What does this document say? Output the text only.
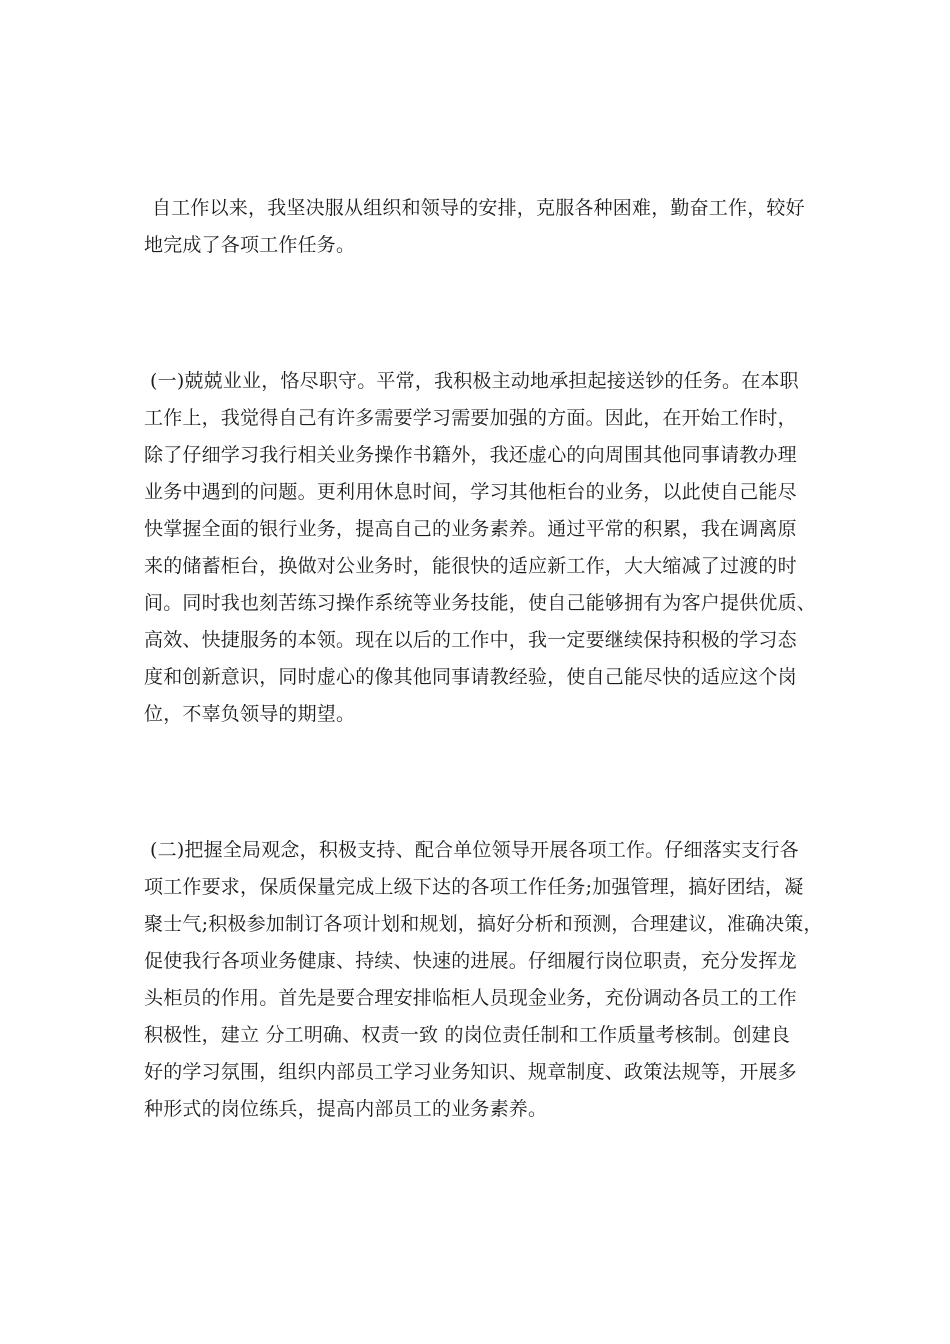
自工作以来，我坚决服从组织和领导的安排，克服各种困难，勤奋工作，较好
地完成了各项工作任务。
(一)兢兢业业，恪尽职守。平常，我积极主动地承担起接送钞的任务。在本职
工作上，我觉得自己有许多需要学习需要加强的方面。因此，在开始工作时，
除了仔细学习我行相关业务操作书籍外，我还虚心的向周围其他同事请教办理
业务中遇到的问题。更利用休息时间，学习其他柜台的业务，以此使自己能尽
快掌握全面的银行业务，提高自己的业务素养。通过平常的积累，我在调离原
来的储蓄柜台，换做对公业务时，能很快的适应新工作，大大缩减了过渡的时
间。同时我也刻苦练习操作系统等业务技能，使自己能够拥有为客户提供优质、
高效、快捷服务的本领。现在以后的工作中，我一定要继续保持积极的学习态
度和创新意识，同时虚心的像其他同事请教经验，使自己能尽快的适应这个岗
位，不辜负领导的期望。
(二)把握全局观念，积极支持、配合单位领导开展各项工作。仔细落实支行各
项工作要求，保质保量完成上级下达的各项工作任务;加强管理，搞好团结，凝
聚士气;积极参加制订各项计划和规划，搞好分析和预测，合理建议，准确决策，
促使我行各项业务健康、持续、快速的进展。仔细履行岗位职责，充分发挥龙
头柜员的作用。首先是要合理安排临柜人员现金业务，充份调动各员工的工作
积极性，建立 分工明确、权责一致 的岗位责任制和工作质量考核制。创建良
好的学习氛围，组织内部员工学习业务知识、规章制度、政策法规等，开展多
种形式的岗位练兵，提高内部员工的业务素养。
